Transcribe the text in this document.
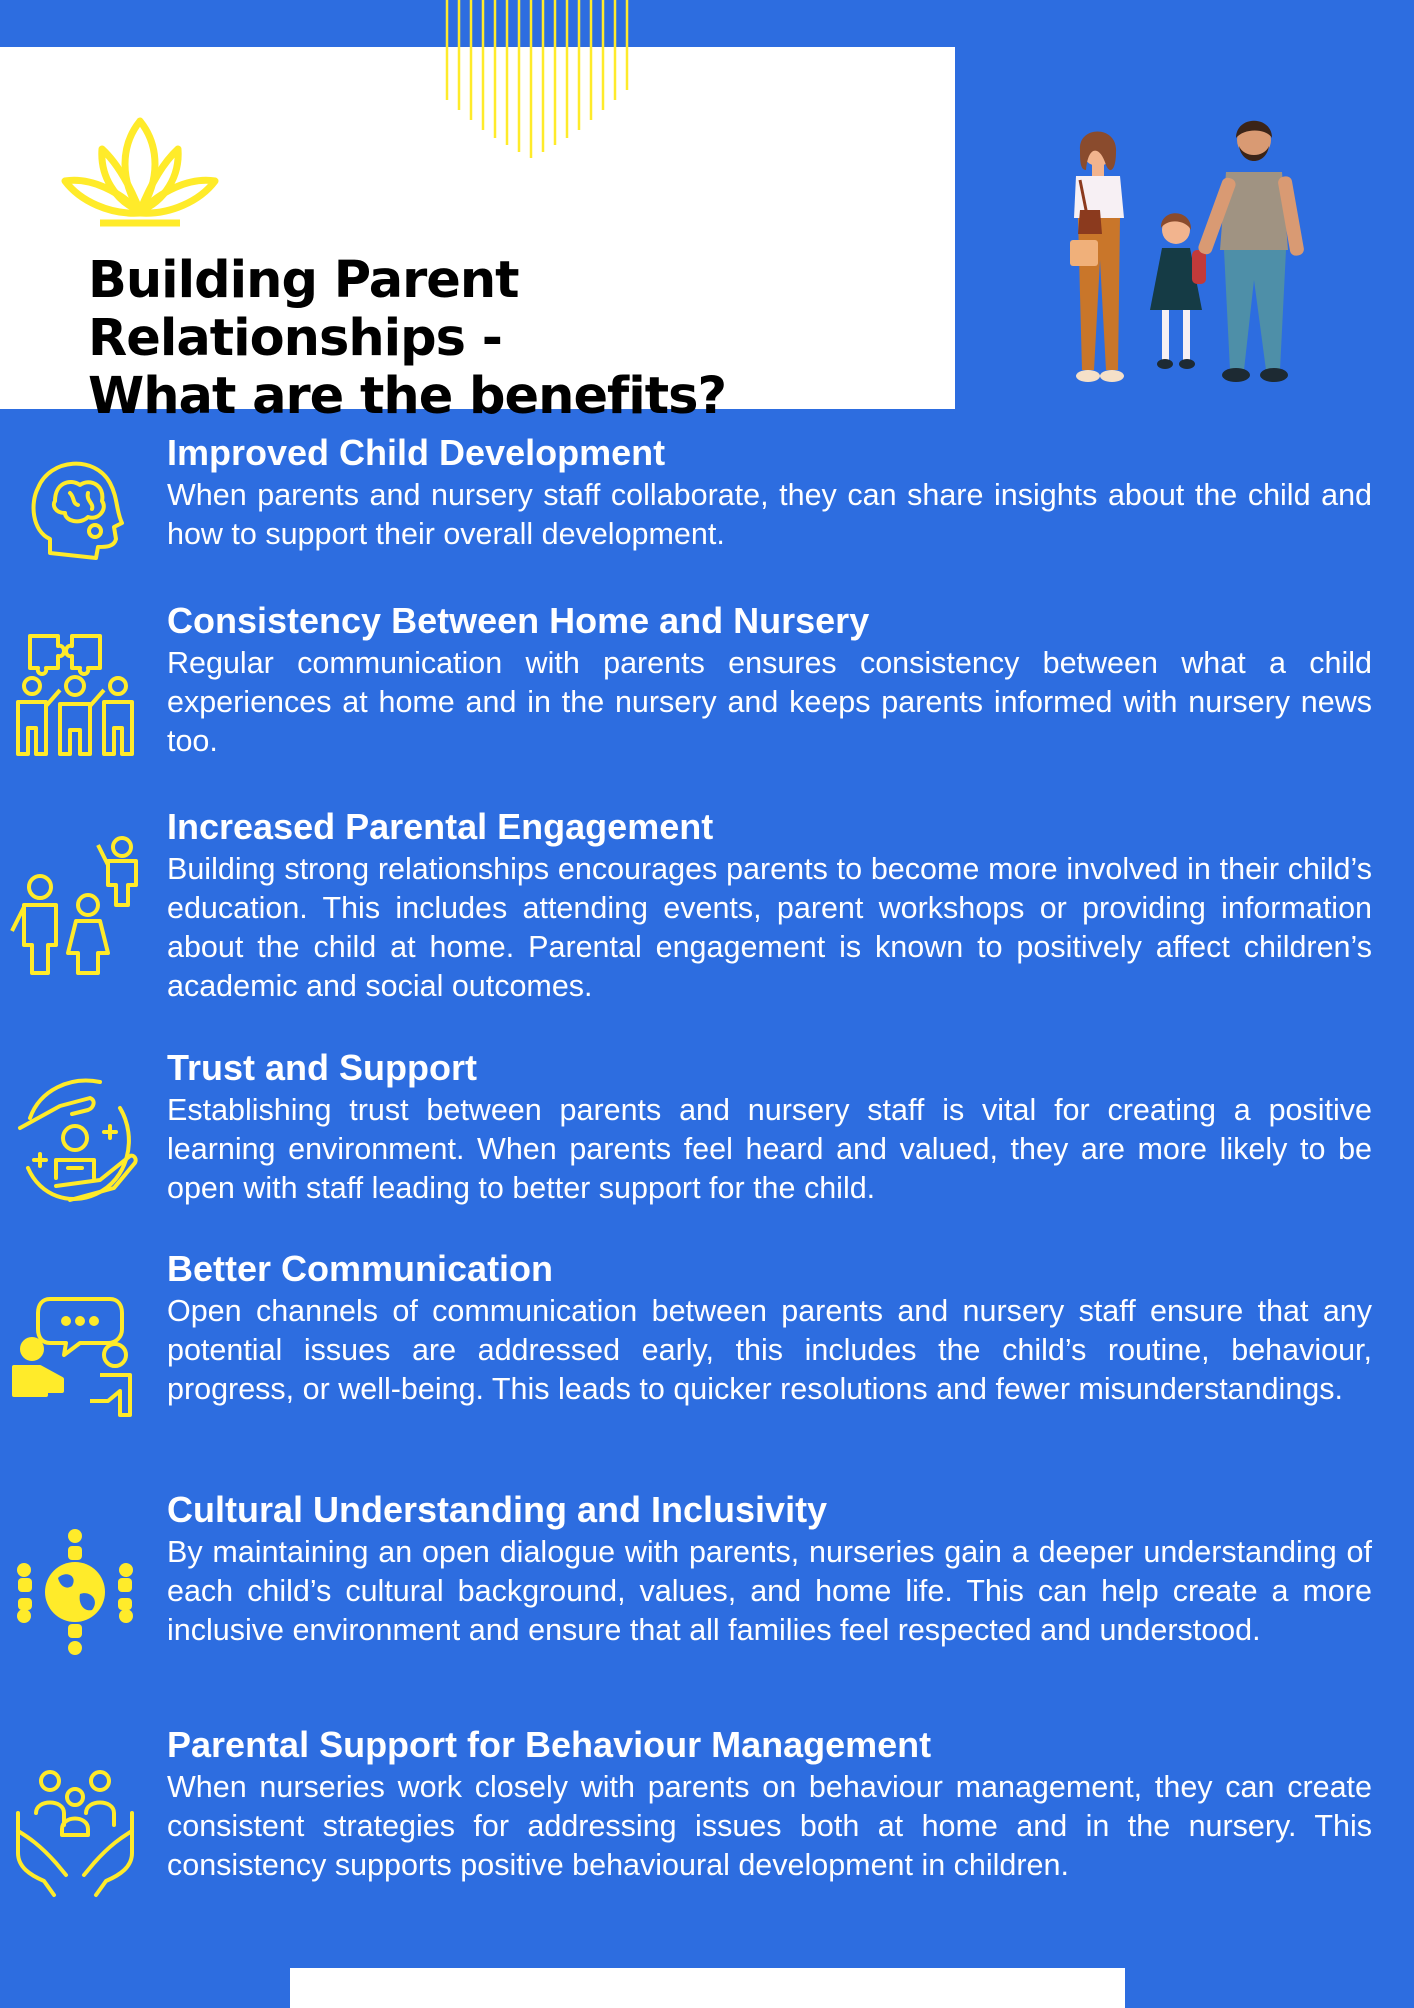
Building Parent
Relationships -
What are the benefits?
Improved Child Development
When parents and nursery staff collaborate, they can share insights about the child and how to support their overall development.
Consistency Between Home and Nursery
Regular communication with parents ensures consistency between what a child experiences at home and in the nursery and keeps parents informed with nursery news too.
Increased Parental Engagement
Building strong relationships encourages parents to become more involved in their child’s education. This includes attending events, parent workshops or providing information about the child at home. Parental engagement is known to positively affect children’s academic and social outcomes.
Trust and Support
Establishing trust between parents and nursery staff is vital for creating a positive learning environment. When parents feel heard and valued, they are more likely to be open with staff leading to better support for the child.
Better Communication
Open channels of communication between parents and nursery staff ensure that any potential issues are addressed early, this includes the child’s routine, behaviour, progress, or well-being. This leads to quicker resolutions and fewer misunderstandings.
Cultural Understanding and Inclusivity
By maintaining an open dialogue with parents, nurseries gain a deeper understanding of each child’s cultural background, values, and home life. This can help create a more inclusive environment and ensure that all families feel respected and understood.
Parental Support for Behaviour Management
When nurseries work closely with parents on behaviour management, they can create consistent strategies for addressing issues both at home and in the nursery. This consistency supports positive behavioural development in children.
